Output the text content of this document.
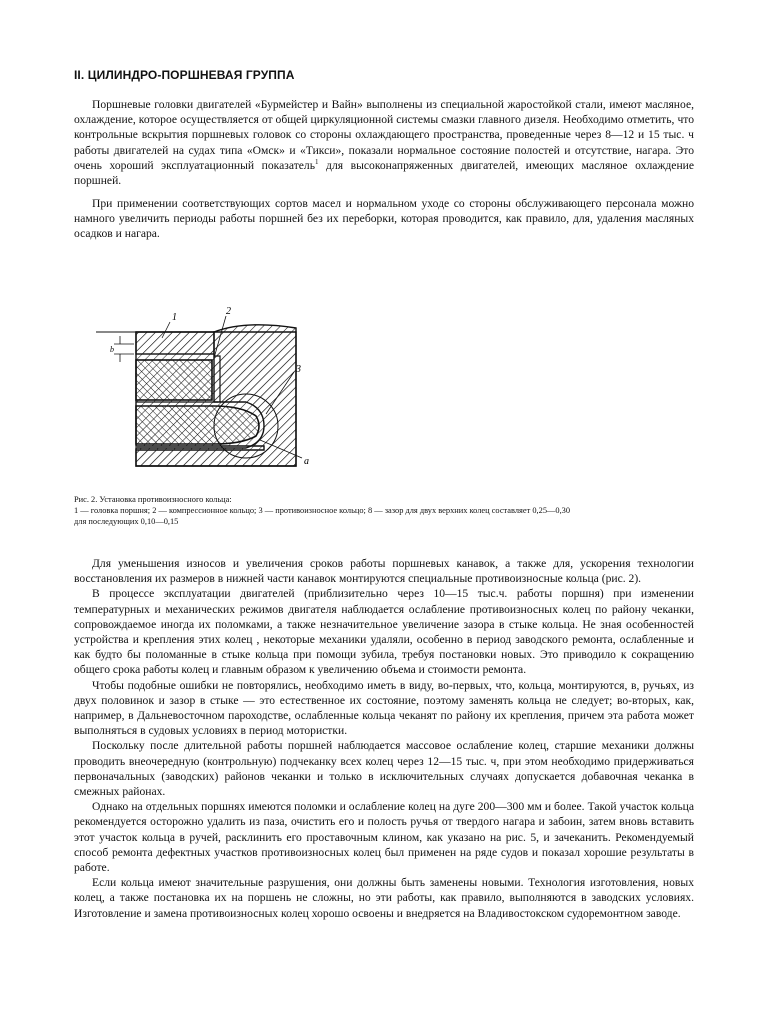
II. ЦИЛИНДРО-ПОРШНЕВАЯ ГРУППА

Поршневые головки двигателей «Бурмейстер и Вайн» выполнены из специальной жаростойкой стали, имеют масляное, охлаждение, которое осуществляется от общей циркуляционной системы смазки главного дизеля. Необходимо отметить, что контрольные вскрытия поршневых головок со стороны охлаждающего пространства, проведенные через 8—12 и 15 тыс. ч работы двигателей на судах типа «Омск» и «Тикси», показали нормальное состояние полостей и отсутствие, нагара. Это очень хороший эксплуатационный показатель$^1$ для высоконапряженных двигателей, имеющих масляное охлаждение поршней.

При применении соответствующих сортов масел и нормальном уходе со стороны обслуживающего персонала можно намного увеличить периоды работы поршней без их переборки, которая проводится, как правило, для, удаления масляных осадков и нагара.

1
2
3
a
b
Рис. 2. Установка противоизносного кольца:
1 — головка поршня; 2 — компрессионное кольцо; 3 — противоизносное кольцо; 8 — зазор для двух верхних колец составляет 0,25—0,30
для последующих 0,10—0,15

Для уменьшения износов и увеличения сроков работы поршневых канавок, а также для, ускорения технологии восстановления их размеров в нижней части канавок монтируются специальные противоизносные кольца (рис. 2).

В процессе эксплуатации двигателей (приблизительно через 10—15 тыс.ч. работы поршня) при изменении температурных и механических режимов двигателя наблюдается ослабление противоизносных колец по районy чеканки, сопровождаемое иногда их поломками, а также незначительное увеличение зазора в стыке кольца. Не зная особенностей устройства и крепления этих колец , некоторые механики удаляли, особенно в период заводского ремонта, ослабленные и как будто бы поломанные в стыке кольца при помощи зубила, требуя постановки новых. Это приводило к сокращению общего срока работы колец и главным образом к увеличению объема и стоимости ремонта.

Чтобы подобные ошибки не повторялись, необходимо иметь в виду, во-первых, что, кольца, монтируются, в, ручьях, из двух половинок и зазор в стыке — это естественное их состояние, поэтому заменять кольца не следует; во-вторых, как, например, в Дальневосточном пароходстве, ослабленные кольца чеканят по району их крепления, причем эта работа может выполняться в судовых условиях в период мотористки.

Поскольку после длительной работы поршней наблюдается массовое ослабление колец, старшие механики должны проводить внеочередную (контрольную) подчеканку всех колец через 12—15 тыс. ч, при этом необходимо придерживаться первоначальных (заводских) районов чеканки и только в исключительных случаях допускается добавочная чеканка в смежных районах.

Однако на отдельных поршнях имеются поломки и ослабление колец на дуге 200—300 мм и более. Такой участок кольца рекомендуется осторожно удалить из паза, очистить его и полость ручья от твердого нагара и забоин, затем вновь вставить этот участок кольца в ручей, расклинить его проставочным клином, как указано на рис. 5, и зачеканить. Рекомендуемый способ ремонта дефектных участков противоизносных колец был применен на ряде судов и показал хорошие результаты в работе.

Если кольца имеют значительные разрушения, они должны быть заменены новыми. Технология изготовления, новых колец, а также постановка их на поршень не сложны, но эти работы, как правило, выполняются в заводских условиях. Изготовление и замена противоизносных колец хорошо освоены и внедряется на Владивостокском судоремонтном заводе.
